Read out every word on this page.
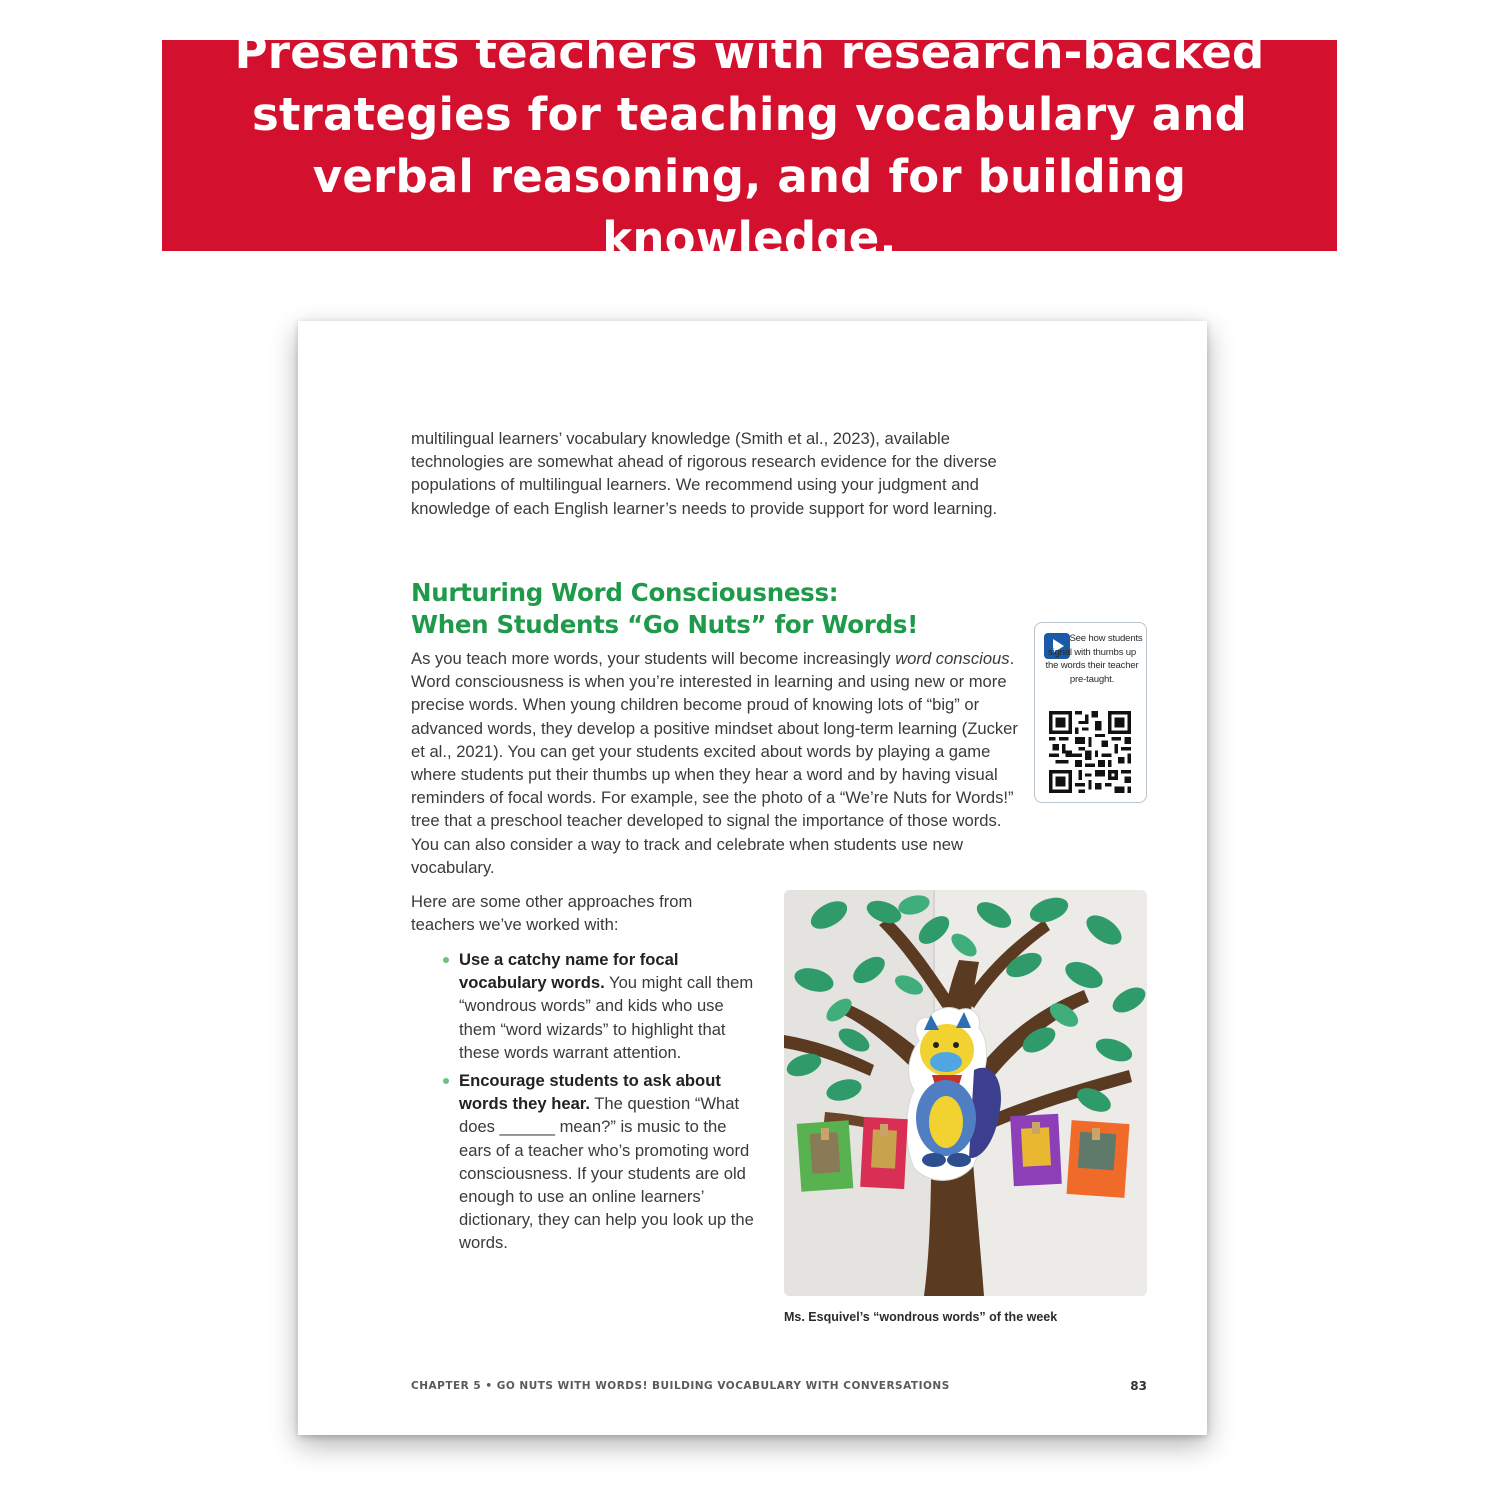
Presents teachers with research-backed strategies for teaching vocabulary and verbal reasoning, and for building knowledge.

multilingual learners’ vocabulary knowledge (Smith et al., 2023), available technologies are somewhat ahead of rigorous research evidence for the diverse populations of multilingual learners. We recommend using your judgment and knowledge of each English learner’s needs to provide support for word learning.

Nurturing Word Consciousness:
When Students “Go Nuts” for Words!

As you teach more words, your students will become increasingly word conscious. Word consciousness is when you’re interested in learning and using new or more precise words. When young children become proud of knowing lots of “big” or advanced words, they develop a positive mindset about long-term learning (Zucker et al., 2021). You can get your students excited about words by playing a game where students put their thumbs up when they hear a word and by having visual reminders of focal words. For example, see the photo of a “We’re Nuts for Words!” tree that a preschool teacher developed to signal the importance of those words. You can also consider a way to track and celebrate when students use new vocabulary.

See how students signal with thumbs up the words their teacher pre-taught.

Here are some other approaches from teachers we’ve worked with:

Use a catchy name for focal vocabulary words. You might call them “wondrous words” and kids who use them “word wizards” to highlight that these words warrant attention.
Encourage students to ask about words they hear. The question “What does ______ mean?” is music to the ears of a teacher who’s promoting word consciousness. If your students are old enough to use an online learners’ dictionary, they can help you look up the words.
Ms. Esquivel’s “wondrous words” of the week
CHAPTER 5 • GO NUTS WITH WORDS! BUILDING VOCABULARY WITH CONVERSATIONS	83
